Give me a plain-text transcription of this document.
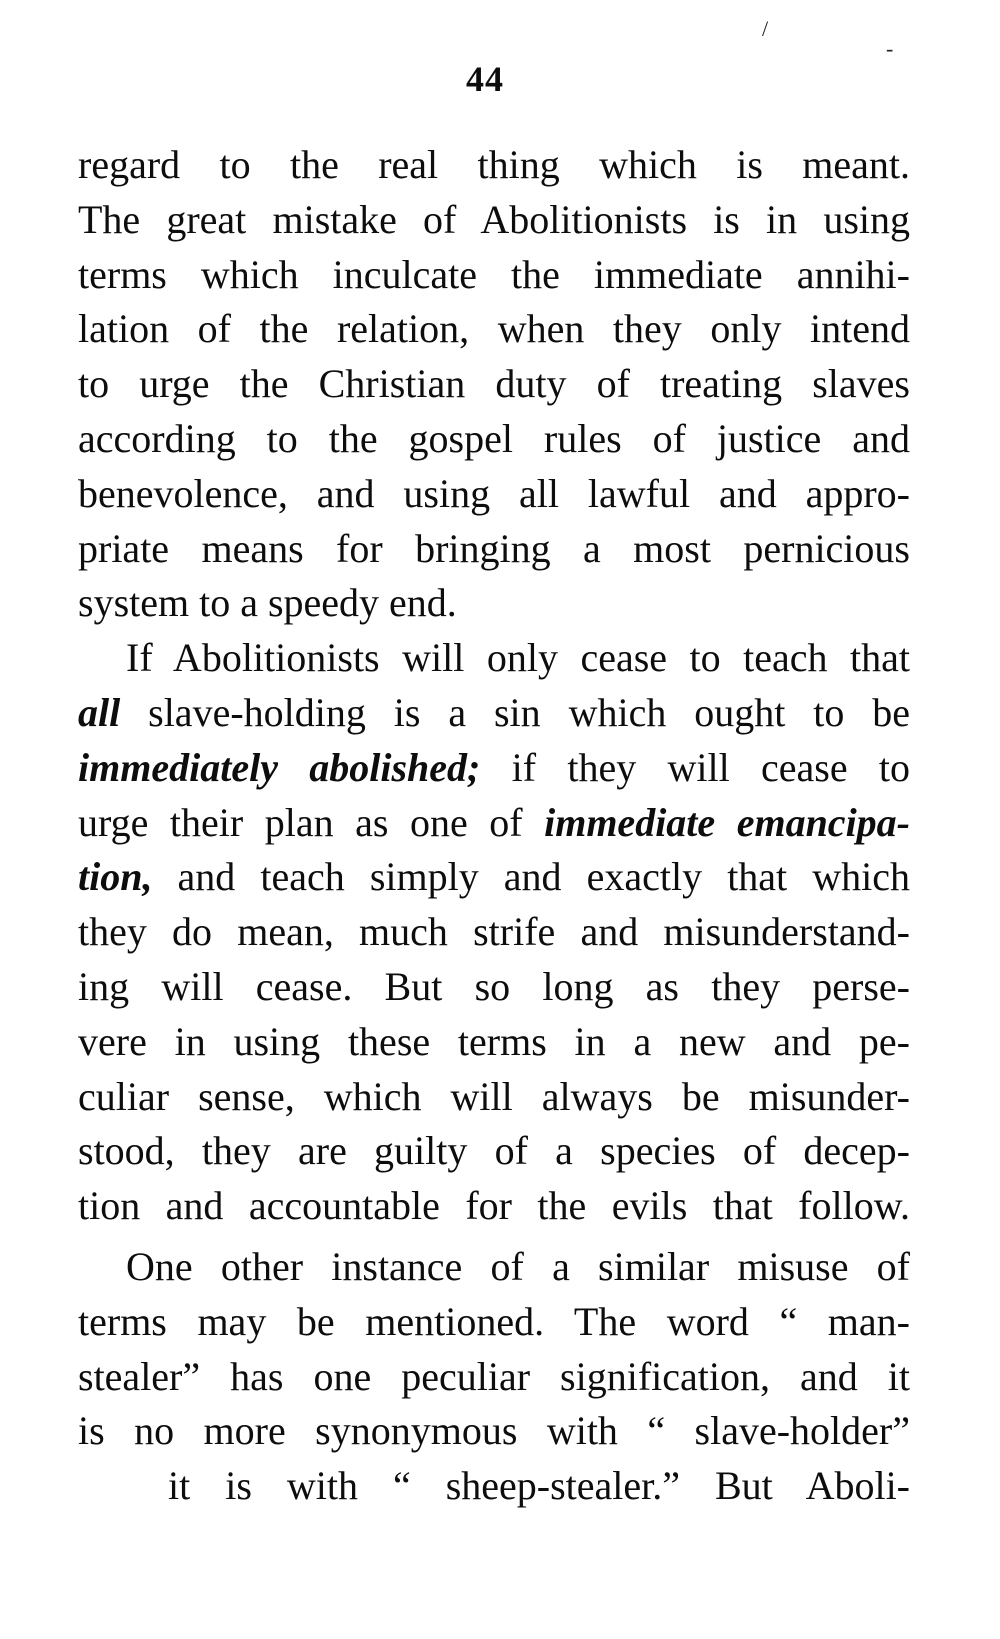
/
-
44
regard to the real thing which is meant.
The great mistake of Abolitionists is in using
terms which inculcate the immediate annihi-
lation of the relation, when they only intend
to urge the Christian duty of treating slaves
according to the gospel rules of justice and
benevolence, and using all lawful and appro-
priate means for bringing a most pernicious
system to a speedy end.
If Abolitionists will only cease to teach that
all slave-holding is a sin which ought to be
immediately abolished; if they will cease to
urge their plan as one of immediate emancipa-
tion, and teach simply and exactly that which
they do mean, much strife and misunderstand-
ing will cease. But so long as they perse-
vere in using these terms in a new and pe-
culiar sense, which will always be misunder-
stood, they are guilty of a species of decep-
tion and accountable for the evils that follow.
One other instance of a similar misuse of
terms may be mentioned. The word “ man-
stealer” has one peculiar signification, and it
is no more synonymous with “ slave-holder”
it is with “ sheep-stealer.” But Aboli-
